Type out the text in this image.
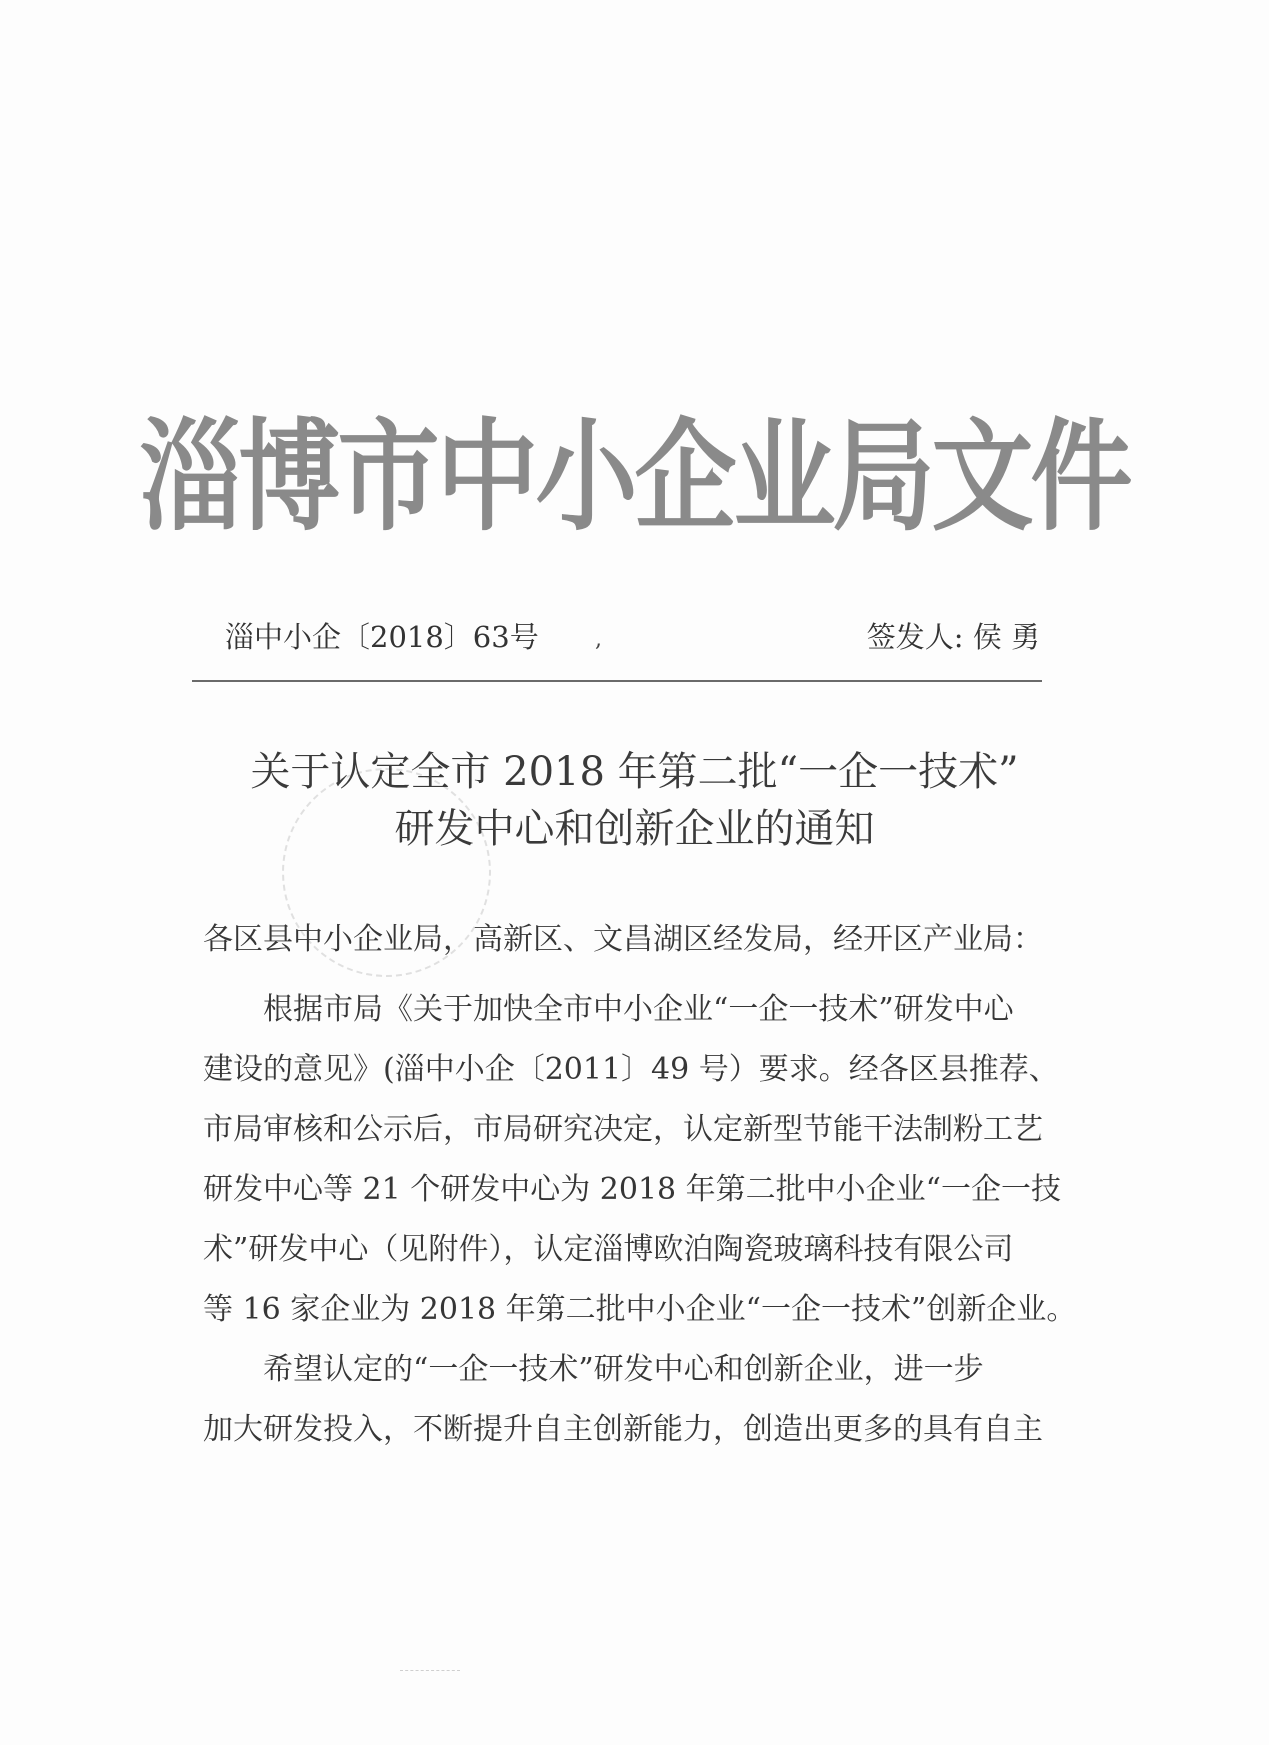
淄博市中小企业局文件
淄中小企〔2018〕63号	,	签发人: 侯 勇
关于认定全市 2018 年第二批“一企一技术”
研发中心和创新企业的通知
各区县中小企业局，高新区、文昌湖区经发局，经开区产业局：
根据市局《关于加快全市中小企业“一企一技术”研发中心
建设的意见》(淄中小企〔2011〕49 号）要求。经各区县推荐、
市局审核和公示后，市局研究决定，认定新型节能干法制粉工艺
研发中心等 21 个研发中心为 2018 年第二批中小企业“一企一技
术”研发中心（见附件），认定淄博欧泊陶瓷玻璃科技有限公司
等 16 家企业为 2018 年第二批中小企业“一企一技术”创新企业。
希望认定的“一企一技术”研发中心和创新企业，进一步
加大研发投入，不断提升自主创新能力，创造出更多的具有自主
